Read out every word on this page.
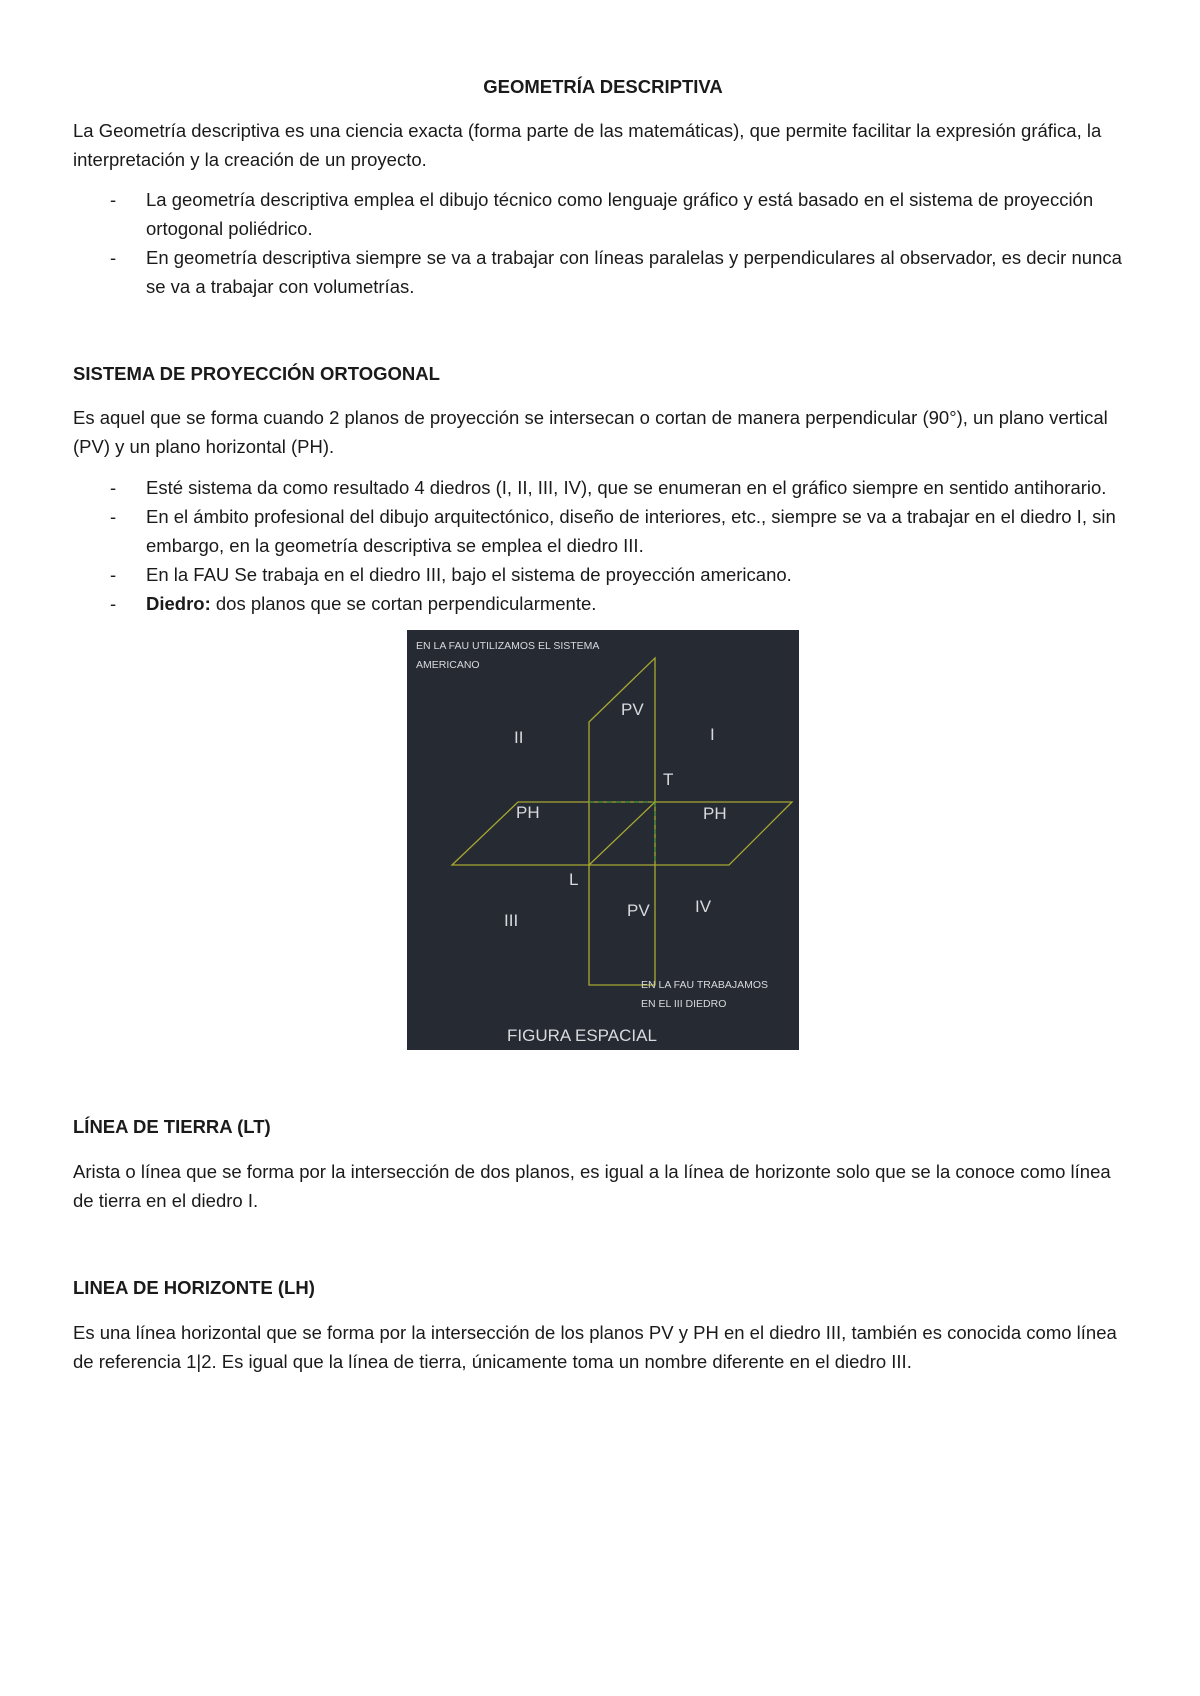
GEOMETRÍA DESCRIPTIVA

La Geometría descriptiva es una ciencia exacta (forma parte de las matemáticas), que permite facilitar la expresión gráfica, la interpretación y la creación de un proyecto.

- La geometría descriptiva emplea el dibujo técnico como lenguaje gráfico y está basado en el sistema de proyección ortogonal poliédrico.
- En geometría descriptiva siempre se va a trabajar con líneas paralelas y perpendiculares al observador, es decir nunca se va a trabajar con volumetrías.
SISTEMA DE PROYECCIÓN ORTOGONAL

Es aquel que se forma cuando 2 planos de proyección se intersecan o cortan de manera perpendicular (90°), un plano vertical (PV) y un plano horizontal (PH).

- Esté sistema da como resultado 4 diedros (I, II, III, IV), que se enumeran en el gráfico siempre en sentido antihorario.
- En el ámbito profesional del dibujo arquitectónico, diseño de interiores, etc., siempre se va a trabajar en el diedro I, sin embargo, en la geometría descriptiva se emplea el diedro III.
- En la FAU Se trabaja en el diedro III, bajo el sistema de proyección americano.
- Diedro: dos planos que se cortan perpendicularmente.
EN LA FAU UTILIZAMOS EL SISTEMA
AMERICANO
PV
II	I
T
PH	PH
L
IV
PV
III
EN LA FAU TRABAJAMOS
EN EL III DIEDRO
FIGURA ESPACIAL
LÍNEA DE TIERRA (LT)

Arista o línea que se forma por la intersección de dos planos, es igual a la línea de horizonte solo que se la conoce como línea de tierra en el diedro I.

LINEA DE HORIZONTE (LH)

Es una línea horizontal que se forma por la intersección de los planos PV y PH en el diedro III, también es conocida como línea de referencia 1|2. Es igual que la línea de tierra, únicamente toma un nombre diferente en el diedro III.
